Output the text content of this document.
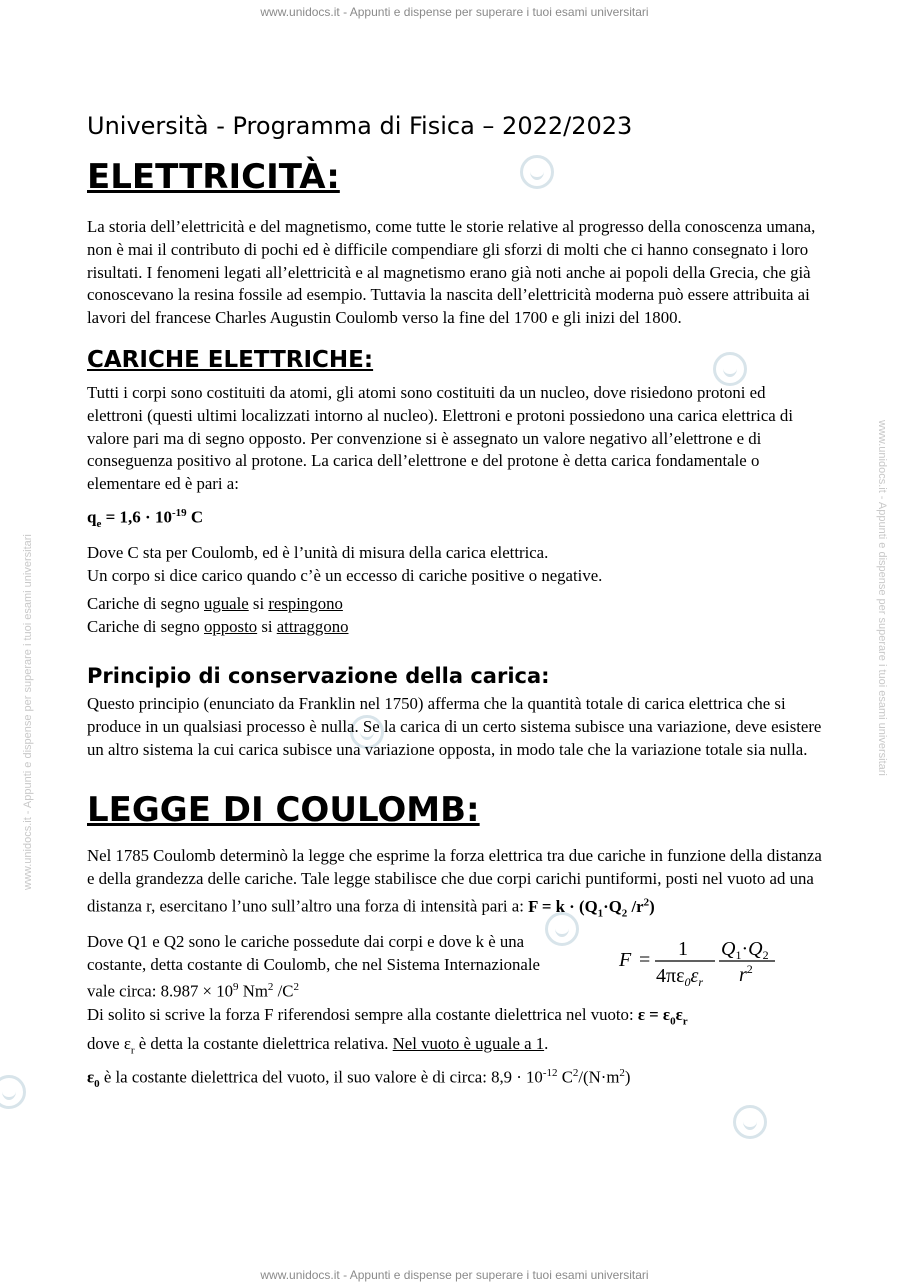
www.unidocs.it - Appunti e dispense per superare i tuoi esami universitari
www.unidocs.it - Appunti e dispense per superare i tuoi esami universitari
www.unidocs.it - Appunti e dispense per superare i tuoi esami universitari	www.unidocs.it - Appunti e dispense per superare i tuoi esami universitari
Università - Programma di Fisica – 2022/2023
ELETTRICITÀ:

La storia dell’elettricità e del magnetismo, come tutte le storie relative al progresso della conoscenza umana, non è mai il contributo di pochi ed è difficile compendiare gli sforzi di molti che ci hanno consegnato i loro risultati. I fenomeni legati all’elettricità e al magnetismo erano già noti anche ai popoli della Grecia, che già conoscevano la resina fossile ad esempio. Tuttavia la nascita dell’elettricità moderna può essere attribuita ai lavori del francese Charles Augustin Coulomb verso la fine del 1700 e gli inizi del 1800.

CARICHE ELETTRICHE:

Tutti i corpi sono costituiti da atomi, gli atomi sono costituiti da un nucleo, dove risiedono protoni ed elettroni (questi ultimi localizzati intorno al nucleo). Elettroni e protoni possiedono una carica elettrica di valore pari ma di segno opposto. Per convenzione si è assegnato un valore negativo all’elettrone e di conseguenza positivo al protone. La carica dell’elettrone e del protone è detta carica fondamentale o elementare ed è pari a:

$q_e = 1,6 \cdot 10^{-19}$ C

Dove C sta per Coulomb, ed è l’unità di misura della carica elettrica.

Un corpo si dice carico quando c’è un eccesso di cariche positive o negative.

Cariche di segno uguale si respingono

Cariche di segno opposto si attraggono

Principio di conservazione della carica:

Questo principio (enunciato da Franklin nel 1750) afferma che la quantità totale di carica elettrica che si produce in un qualsiasi processo è nulla. Se la carica di un certo sistema subisce una variazione, deve esistere un altro sistema la cui carica subisce una variazione opposta, in modo tale che la variazione totale sia nulla.

LEGGE DI COULOMB:

Nel 1785 Coulomb determinò la legge che esprime la forza elettrica tra due cariche in funzione della distanza e della grandezza delle cariche. Tale legge stabilisce che due corpi carichi puntiformi, posti nel vuoto ad una distanza r, esercitano l’uno sull’altro una forza di intensità pari a: $F = k \cdot (Q_1\cdot Q_2$ $/r^2$)

Dove Q1 e Q2 sono le cariche possedute dai corpi e dove k è una costante, detta costante di Coulomb, che nel Sistema Internazionale vale circa: $8.987 \times 10^9$ Nm$^2$ $/C^2$

F = 1
$4\pi\varepsilon_0\varepsilon_r$
$Q_1\cdot Q_2$
$r^2$

Di solito si scrive la forza F riferendosi sempre alla costante dielettrica nel vuoto: $\varepsilon = \varepsilon_0\varepsilon_r$

dove $\varepsilon_r$ è detta la costante dielettrica relativa. Nel vuoto è uguale a 1.

$\varepsilon_0$ è la costante dielettrica del vuoto, il suo valore è di circa: $8,9 \cdot 10^{-12}$ $C^2/(N\cdot m^2)$
